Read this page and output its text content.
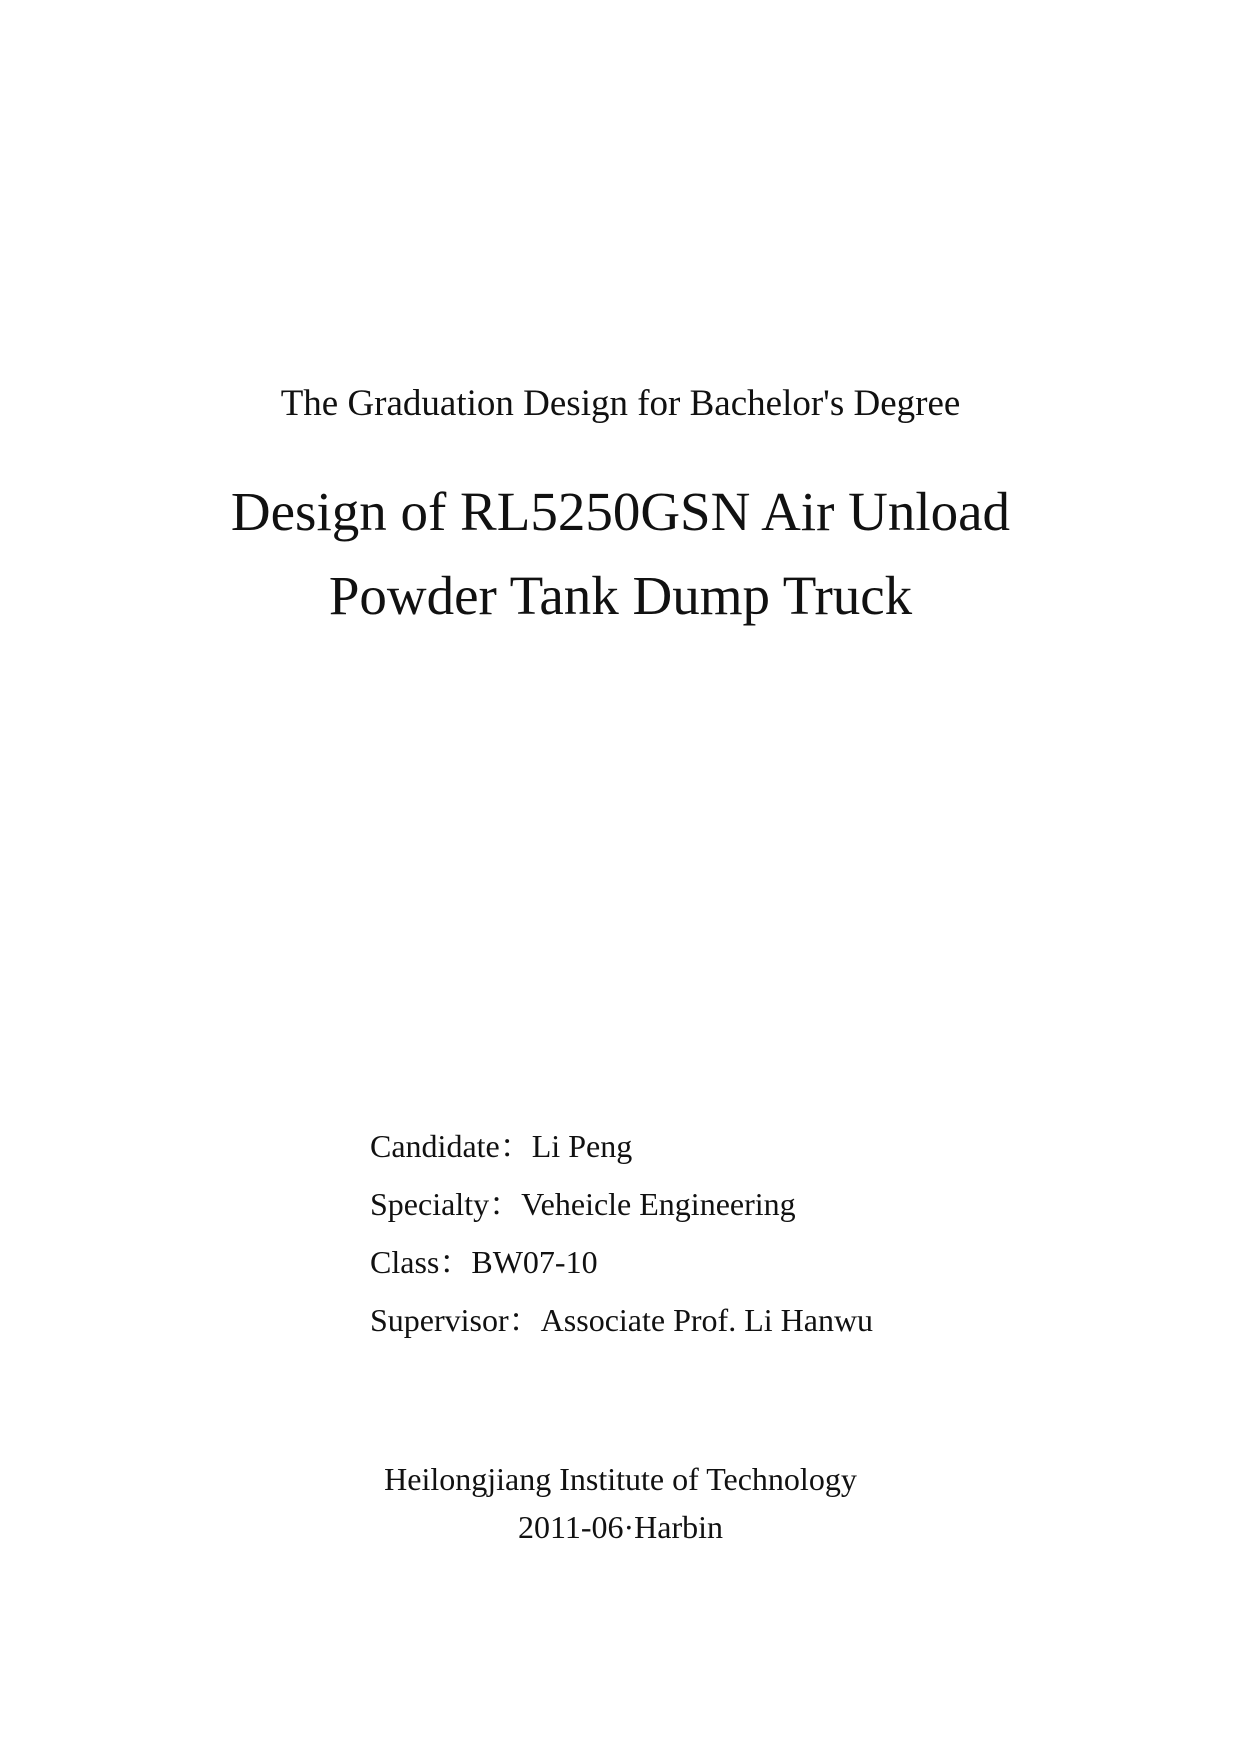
The Graduation Design for Bachelor's Degree
Design of RL5250GSN Air Unload
Powder Tank Dump Truck
Candidate：Li Peng
Specialty：Veheicle Engineering
Class：BW07-10
Supervisor：Associate Prof. Li Hanwu
Heilongjiang Institute of Technology
2011-06·Harbin
